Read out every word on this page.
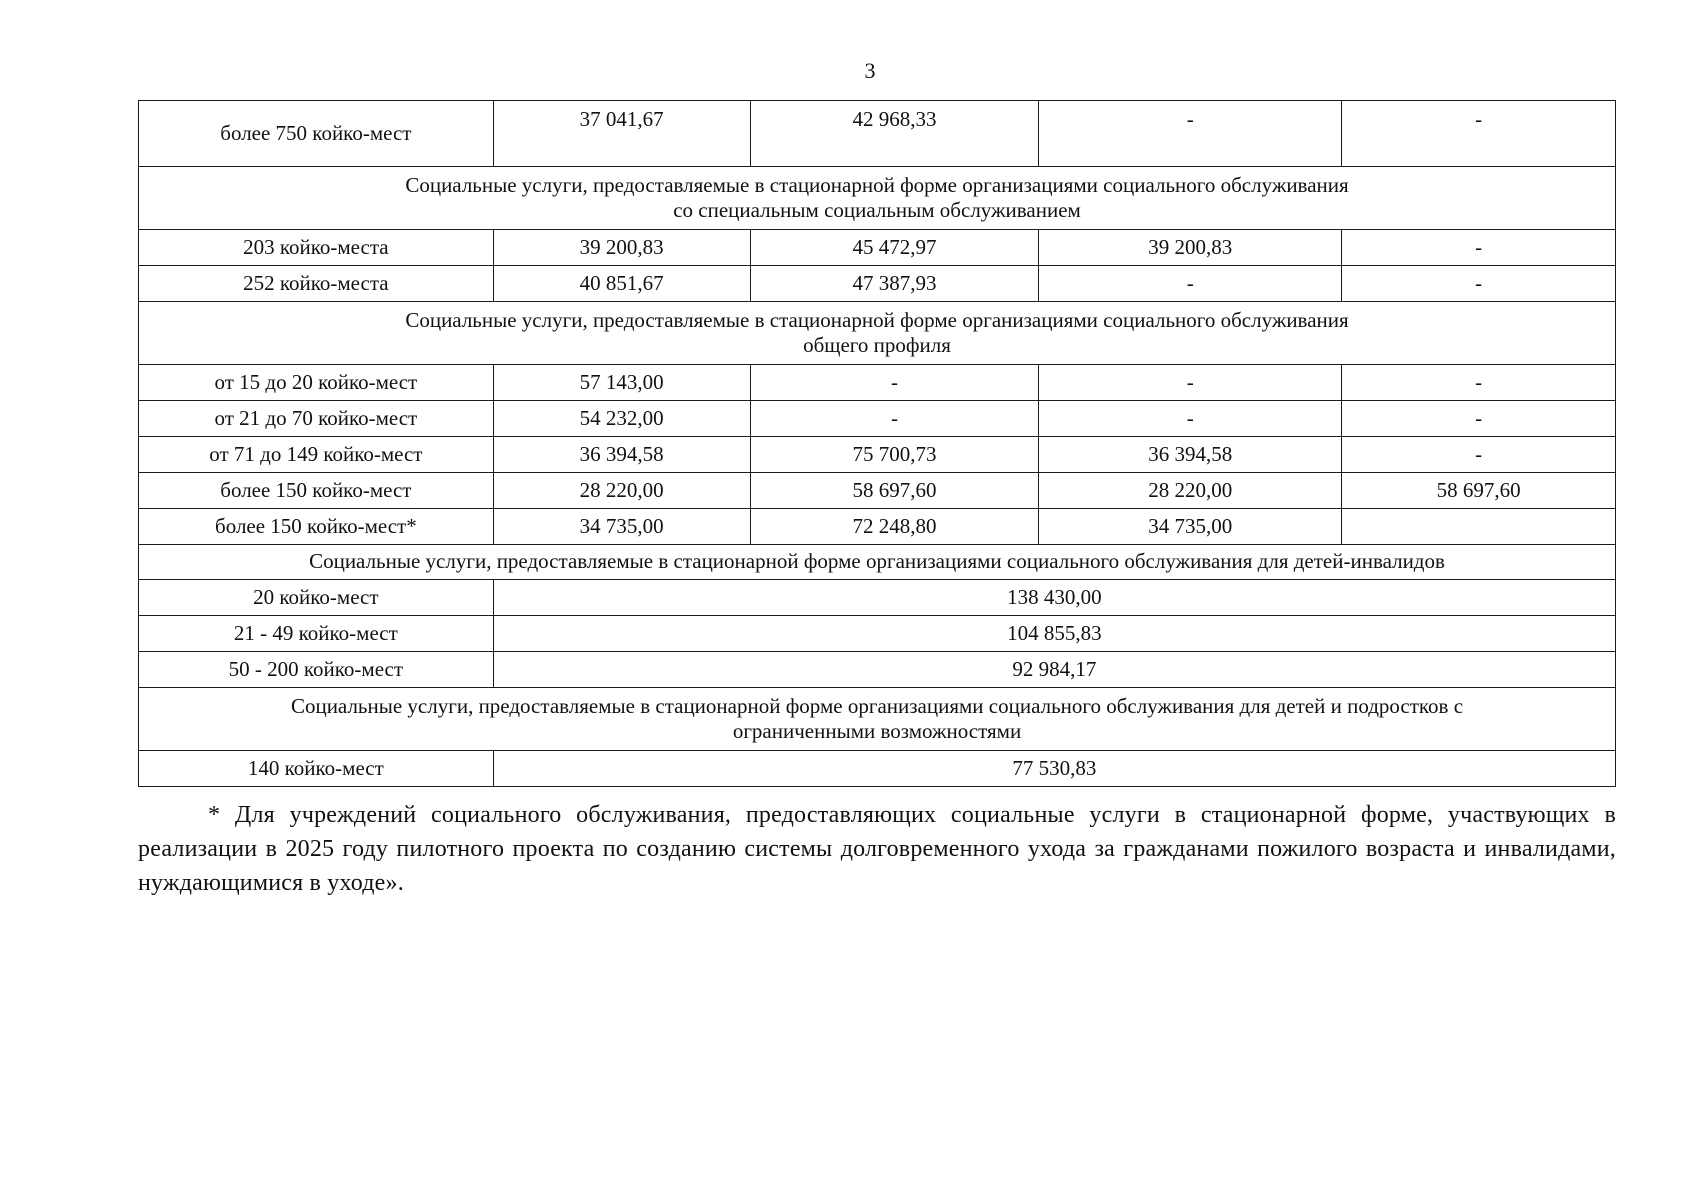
3
более 750 койко-мест	37 041,67	42 968,33	-	-

Социальные услуги, предоставляемые в стационарной форме организациями социального обслуживания
со специальным социальным обслуживанием				

203 койко-места	39 200,83	45 472,97	39 200,83	-
252 койко-места	40 851,67	47 387,93	-	-

Социальные услуги, предоставляемые в стационарной форме организациями социального обслуживания
общего профиля				

от 15 до 20 койко-мест	57 143,00	-	-	-
от 21 до 70 койко-мест	54 232,00	-	-	-
от 71 до 149 койко-мест	36 394,58	75 700,73	36 394,58	-
более 150 койко-мест	28 220,00	58 697,60	28 220,00	58 697,60
более 150 койко-мест*	34 735,00	72 248,80	34 735,00	

Социальные услуги, предоставляемые в стационарной форме организациями социального обслуживания для детей-инвалидов				

20 койко-мест	138 430,00			
21 - 49 койко-мест	104 855,83			
50 - 200 койко-мест	92 984,17			

Социальные услуги, предоставляемые в стационарной форме организациями социального обслуживания для детей и подростков с
ограниченными возможностями				

140 койко-мест	77 530,83			
* Для учреждений социального обслуживания, предоставляющих социальные услуги в стационарной форме, участвующих в реализации в 2025 году пилотного проекта по созданию системы долговременного ухода за гражданами пожилого возраста и инвалидами, нуждающимися в уходе».
